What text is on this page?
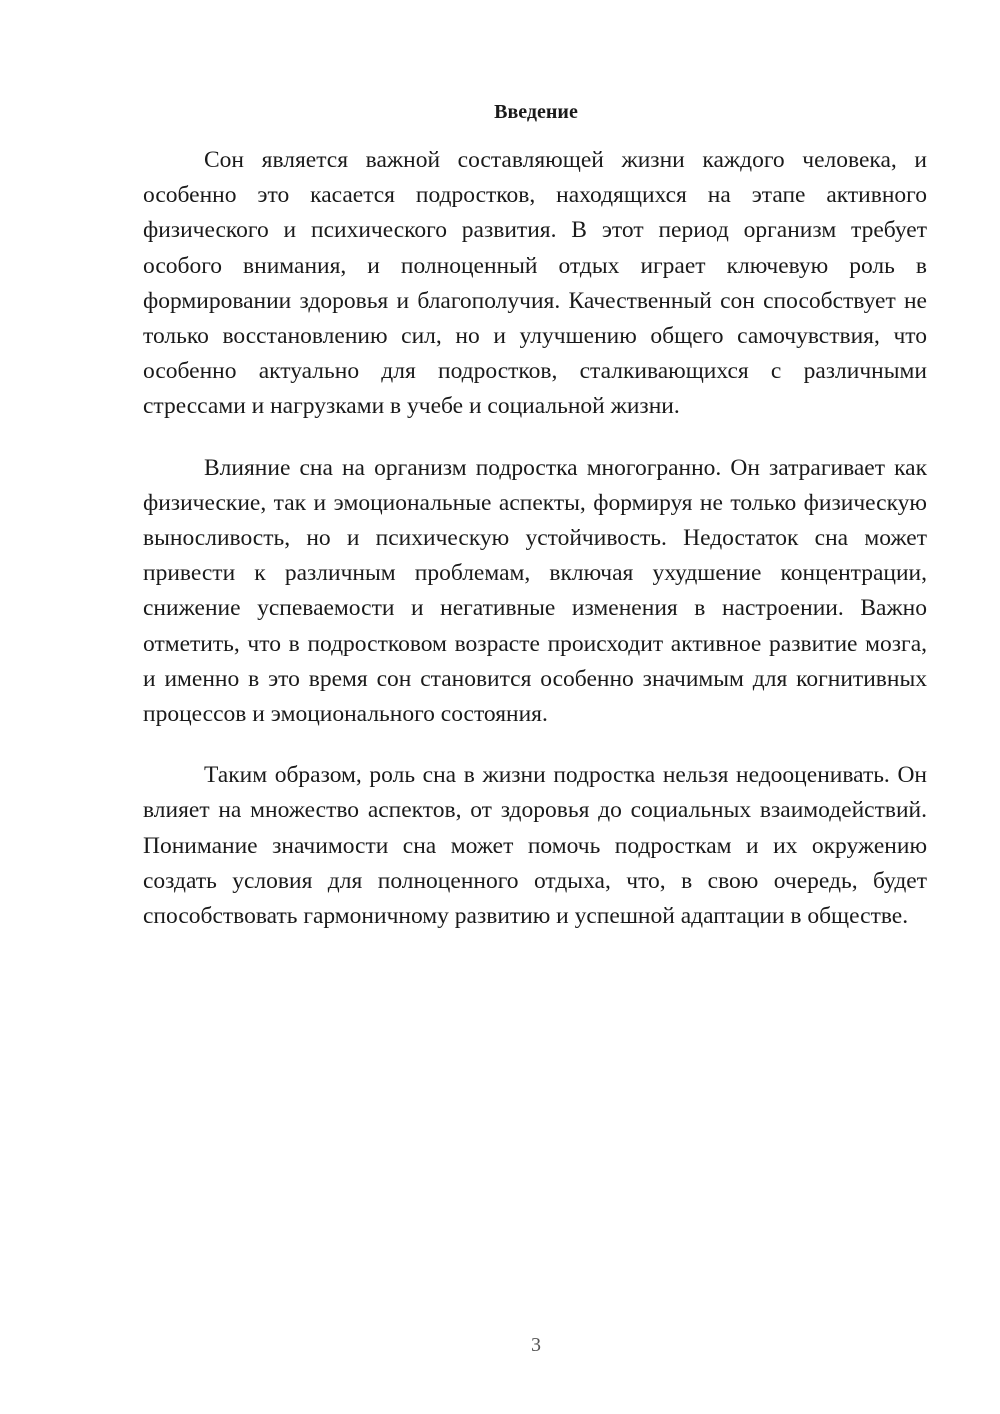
Введение

Сон является важной составляющей жизни каждого человека, и особенно это касается подростков, находящихся на этапе активного физического и психического развития. В этот период организм требует особого внимания, и полноценный отдых играет ключевую роль в формировании здоровья и благополучия. Качественный сон способствует не только восстановлению сил, но и улучшению общего самочувствия, что особенно актуально для подростков, сталкивающихся с различными стрессами и нагрузками в учебе и социальной жизни.

Влияние сна на организм подростка многогранно. Он затрагивает как физические, так и эмоциональные аспекты, формируя не только физическую выносливость, но и психическую устойчивость. Недостаток сна может привести к различным проблемам, включая ухудшение концентрации, снижение успеваемости и негативные изменения в настроении. Важно отметить, что в подростковом возрасте происходит активное развитие мозга, и именно в это время сон становится особенно значимым для когнитивных процессов и эмоционального состояния.

Таким образом, роль сна в жизни подростка нельзя недооценивать. Он влияет на множество аспектов, от здоровья до социальных взаимодействий. Понимание значимости сна может помочь подросткам и их окружению создать условия для полноценного отдыха, что, в свою очередь, будет способствовать гармоничному развитию и успешной адаптации в обществе.

3
